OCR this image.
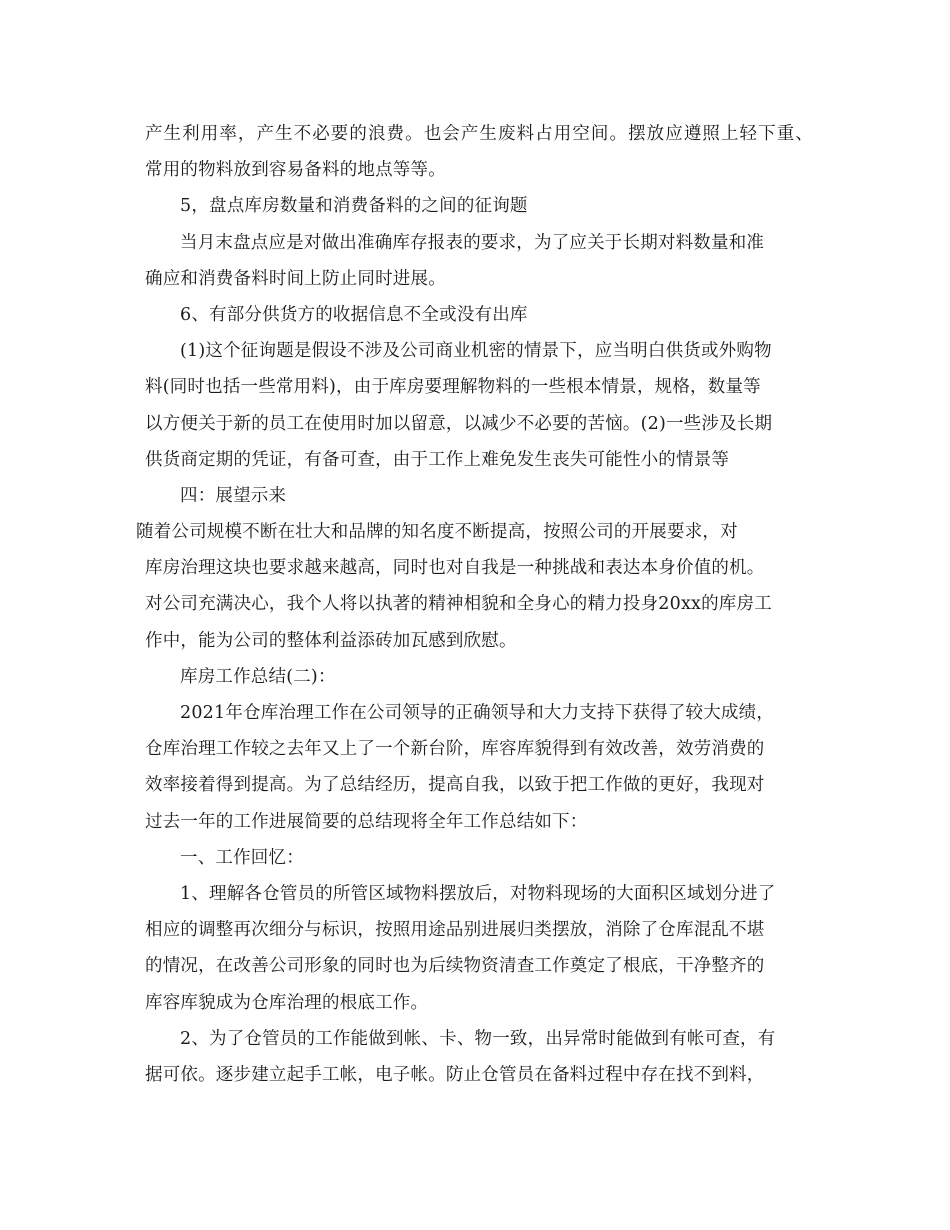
产生利用率，产生不必要的浪费。也会产生废料占用空间。摆放应遵照上轻下重、
常用的物料放到容易备料的地点等等。
5，盘点库房数量和消费备料的之间的征询题
当月末盘点应是对做出准确库存报表的要求，为了应关于长期对料数量和准
确应和消费备料时间上防止同时进展。
6、有部分供货方的收据信息不全或没有出库
(1)这个征询题是假设不涉及公司商业机密的情景下，应当明白供货或外购物
料(同时也括一些常用料)，由于库房要理解物料的一些根本情景，规格，数量等
以方便关于新的员工在使用时加以留意，以减少不必要的苦恼。(2)一些涉及长期
供货商定期的凭证，有备可查，由于工作上难免发生丧失可能性小的情景等
四：展望示来
随着公司规模不断在壮大和品牌的知名度不断提高，按照公司的开展要求，对
库房治理这块也要求越来越高，同时也对自我是一种挑战和表达本身价值的机。
对公司充满决心，我个人将以执著的精神相貌和全身心的精力投身20xx的库房工
作中，能为公司的整体利益添砖加瓦感到欣慰。
库房工作总结(二)：
2021年仓库治理工作在公司领导的正确领导和大力支持下获得了较大成绩，
仓库治理工作较之去年又上了一个新台阶，库容库貌得到有效改善，效劳消费的
效率接着得到提高。为了总结经历，提高自我，以致于把工作做的更好，我现对
过去一年的工作进展简要的总结现将全年工作总结如下：
一、工作回忆：
1、理解各仓管员的所管区域物料摆放后，对物料现场的大面积区域划分进了
相应的调整再次细分与标识，按照用途品别进展归类摆放，消除了仓库混乱不堪
的情况，在改善公司形象的同时也为后续物资清查工作奠定了根底，干净整齐的
库容库貌成为仓库治理的根底工作。
2、为了仓管员的工作能做到帐、卡、物一致，出异常时能做到有帐可查，有
据可依。逐步建立起手工帐，电子帐。防止仓管员在备料过程中存在找不到料，
